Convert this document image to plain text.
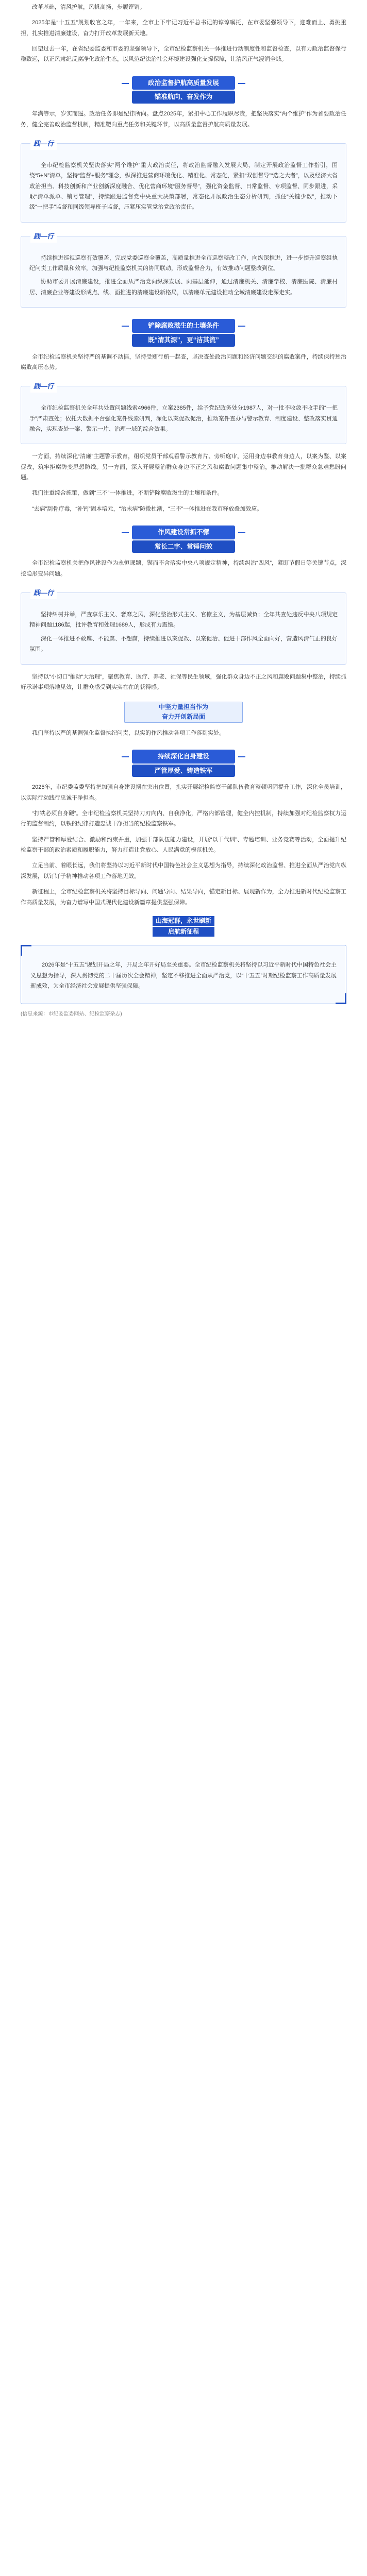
改革基础，清风护航，风帆高扬，步履铿锵。

2025年是“十五五”规划收官之年，一年来，全市上下牢记习近平总书记的谆谆嘱托，在市委坚强领导下，迎难而上、勇挑重担，扎实推进清廉建设，奋力打开改革发展新天地。

回望过去一年，在省纪委监委和市委的坚强领导下，全市纪检监察机关一体推进行动制度性和监督检查，以有力政治监督保行稳致远，以正风肃纪反腐净化政治生态，以风范纪法治社会环境建设强化支撑保障，让清风正气浸润全域。

政治监督护航高质量发展
锚准航向、奋发作为

年满等示，岁实而遥。政治任务即是纪律所向。盘点2025年，紧扣中心工作履职尽责，把坚决落实“两个维护”作为首要政治任务，健全完善政治监督机制，精准靶向重点任务和关键环节，以高质量监督护航高质量发展。

践—行

全市纪检监察机关坚决落实“两个维护”重大政治责任，将政治监督融入发展大局，制定开展政治监督工作指引，围绕“5+N”清单，坚持“监督+服务”理念，纵深推进营商环境优化、精准化、常态化，紧扣“双创督导”“选之大者”，以及经济大省政治担当、科技创新和产业创新深度融合、优化营商环境“服务督导”，强化资金监督、日常监督、专项监督、同步跟进，采取“清单派单、销号管理”，持续跟进监督党中央重大决策部署，常态化开展政治生态分析研判，抓住“关键少数”，推动下级“一把手”监督和同级领导班子监督，压紧压实管党治党政治责任。

践—行

持续推进巡视巡察有效覆盖，完成党委巡察全覆盖，高质量推进全市巡察整改工作，向纵深推进，进一步提升巡察组执纪问责工作质量和效率，加强与纪检监察机关的协同联动，形成监督合力，有效推动问题整改到位。

协助市委开展清廉建设，推进全面从严治党向纵深发展、向基层延伸，通过清廉机关、清廉学校、清廉医院、清廉村居、清廉企业等建设形成点、线、面推进的清廉建设新格局，以清廉单元建设推动全域清廉建设走深走实。

铲除腐败滋生的土壤条件
既“清其源”，更“洁其流”

全市纪检监察机关坚持严的基调不动摇，坚持受贿行贿一起查，坚决查处政治问题和经济问题交织的腐败案件，持续保持惩治腐败高压态势。

践—行

全市纪检监察机关全年共处置问题线索4966件，立案2385件，给予党纪政务处分1987人，对一批不收敛不收手的“一把手”严肃查处；依托大数据平台强化案件线索研判，深化以案促改促治，推动案件查办与警示教育、制度建设、整改落实贯通融合，实现查处一案、警示一片、治理一域的综合效果。

一方面，持续深化“清廉”主题警示教育，组织党员干部观看警示教育片、旁听庭审，运用身边事教育身边人，以案为鉴、以案促改，筑牢拒腐防变思想防线。另一方面，深入开展整治群众身边不正之风和腐败问题集中整治，推动解决一批群众急难愁盼问题。

我们注重综合施策，做到“三不”一体推进，不断铲除腐败滋生的土壤和条件。

“去病”刮骨疗毒，“补钙”固本培元，“治未病”防微杜渐，“三不”一体推进在我市释放叠加效应。

作风建设常抓不懈
常长二字、常锤问效

全市纪检监察机关把作风建设作为永恒课题，锲而不舍落实中央八项规定精神，持续纠治“四风”，紧盯节假日等关键节点，深挖隐形变异问题。

践—行

坚持纠树并举，严查享乐主义、奢靡之风，深化整治形式主义、官僚主义，为基层减负；全年共查处违反中央八项规定精神问题1186起，批评教育和处理1689人，形成有力震慑。

深化一体推进不敢腐、不能腐、不想腐，持续推进以案促改、以案促治、促进干部作风全面向好，营造风清气正的良好氛围。

坚持以“小切口”推动“大治理”，聚焦教育、医疗、养老、社保等民生领域，强化群众身边不正之风和腐败问题集中整治，持续抓好承诺事项落地见效，让群众感受到实实在在的获得感。

中坚力量担当作为
奋力开创新局面

我们坚持以严的基调强化监督执纪问责，以实的作风推动各项工作落到实处。

持续深化自身建设
严管厚爱、铸造铁军

2025年，市纪委监委坚持把加强自身建设摆在突出位置，扎实开展纪检监察干部队伍教育整顿巩固提升工作，深化全员培训，以实际行动践行忠诚干净担当。

“打铁必须自身硬”。全市纪检监察机关坚持刀刃向内、自我净化，严格内部管理，健全内控机制，持续加强对纪检监察权力运行的监督制约，以铁的纪律打造忠诚干净担当的纪检监察铁军。

坚持严管和厚爱结合、激励和约束并重，加强干部队伍能力建设，开展“以干代训”、专题培训、业务竞赛等活动，全面提升纪检监察干部的政治素质和履职能力，努力打造让党放心、人民满意的模范机关。

立足当前、着眼长远，我们将坚持以习近平新时代中国特色社会主义思想为指导，持续深化政治监督、推进全面从严治党向纵深发展，以钉钉子精神推动各项工作落地见效。

新征程上，全市纪检监察机关将坚持目标导向、问题导向、结果导向，锚定新目标、展现新作为，全力推进新时代纪检监察工作高质量发展，为奋力谱写中国式现代化建设新篇章提供坚强保障。

山海冠群，永世刷新
启航新征程

2026年是“十五五”规划开局之年，开局之年开好局至关重要。全市纪检监察机关将坚持以习近平新时代中国特色社会主义思想为指导，深入贯彻党的二十届历次全会精神，坚定不移推进全面从严治党，以“十五五”时期纪检监察工作高质量发展新成效，为全市经济社会发展提供坚强保障。

(信息来源：市纪委监委网站、纪检监察杂志)
